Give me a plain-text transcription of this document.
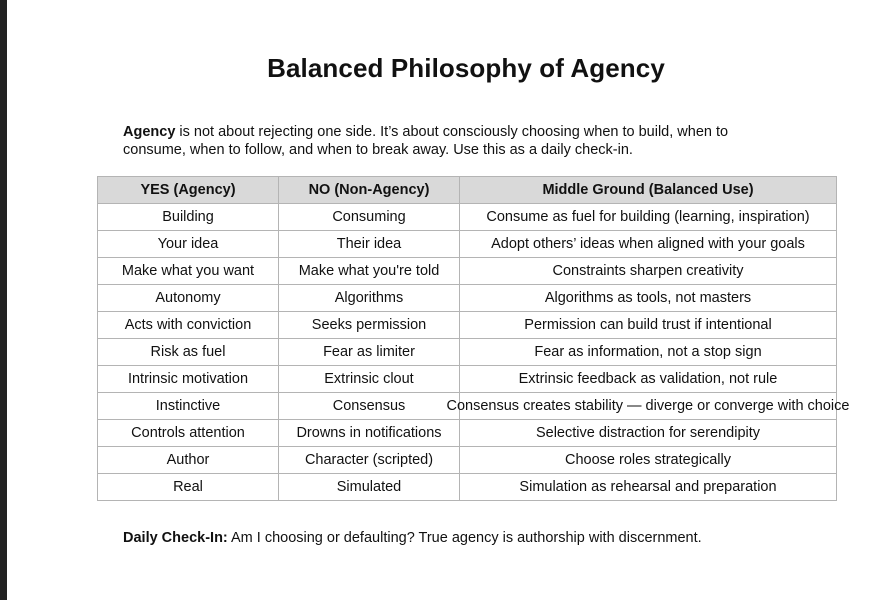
Balanced Philosophy of Agency
Agency is not about rejecting one side. It’s about consciously choosing when to build, when to consume, when to follow, and when to break away. Use this as a daily check-in.
YES (Agency)	NO (Non-Agency)	Middle Ground (Balanced Use)
Building	Consuming	Consume as fuel for building (learning, inspiration)
Your idea	Their idea	Adopt others’ ideas when aligned with your goals
Make what you want	Make what you're told	Constraints sharpen creativity
Autonomy	Algorithms	Algorithms as tools, not masters
Acts with conviction	Seeks permission	Permission can build trust if intentional
Risk as fuel	Fear as limiter	Fear as information, not a stop sign
Intrinsic motivation	Extrinsic clout	Extrinsic feedback as validation, not rule
Instinctive	Consensus	Consensus creates stability — diverge or converge with choice

Controls attention	Drowns in notifications	Selective distraction for serendipity
Author	Character (scripted)	Choose roles strategically
Real	Simulated	Simulation as rehearsal and preparation
Daily Check-In: Am I choosing or defaulting? True agency is authorship with discernment.
